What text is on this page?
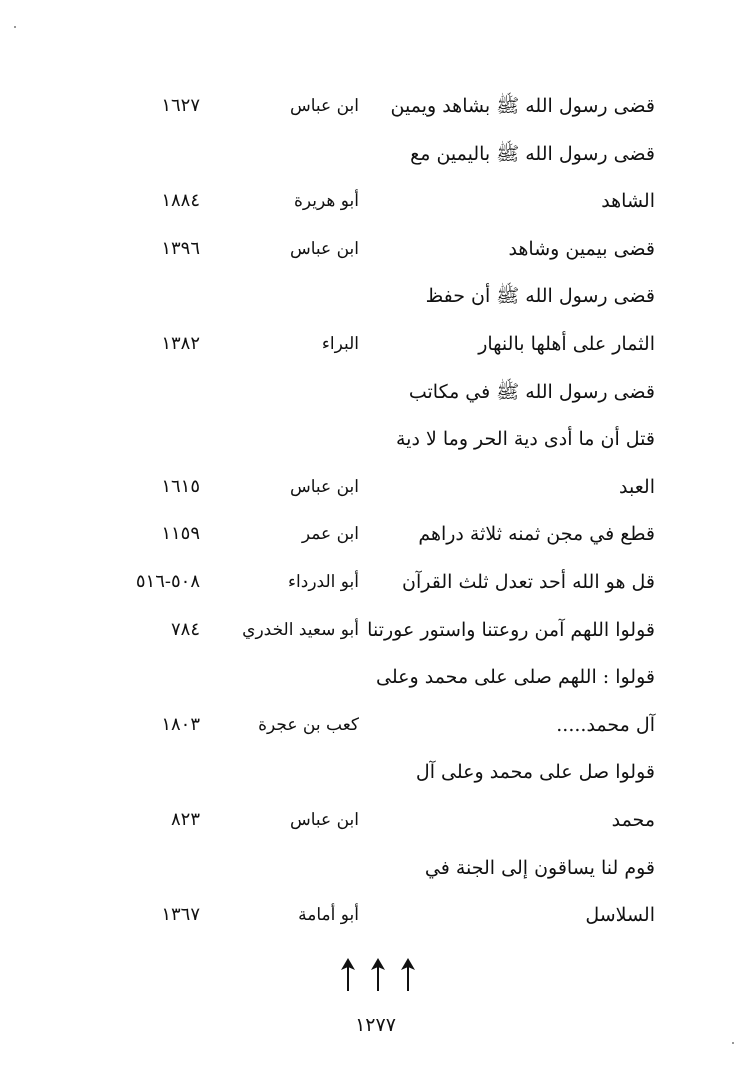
قضى رسول الله ﷺ بشاهد ويمين
ابن عباس
١٦٢٧
قضى رسول الله ﷺ باليمين مع
الشاهد
أبو هريرة
١٨٨٤
قضى بيمين وشاهد
ابن عباس
١٣٩٦
قضى رسول الله ﷺ أن حفظ
الثمار على أهلها بالنهار
البراء
١٣٨٢
قضى رسول الله ﷺ في مكاتب
قتل أن ما أدى دية الحر وما لا دية
العبد
ابن عباس
١٦١٥
قطع في مجن ثمنه ثلاثة دراهم
ابن عمر
١١٥٩
قل هو الله أحد تعدل ثلث القرآن
أبو الدرداء
٥٠٨-٥١٦
قولوا اللهم آمن روعتنا واستور عورتنا
أبو سعيد الخدري
٧٨٤
قولوا : اللهم صلى على محمد وعلى
آل محمد.....
كعب بن عجرة
١٨٠٣
قولوا صل على محمد وعلى آل
محمد
ابن عباس
٨٢٣
قوم لنا يساقون إلى الجنة في
السلاسل
أبو أمامة
١٣٦٧
١٢٧٧
